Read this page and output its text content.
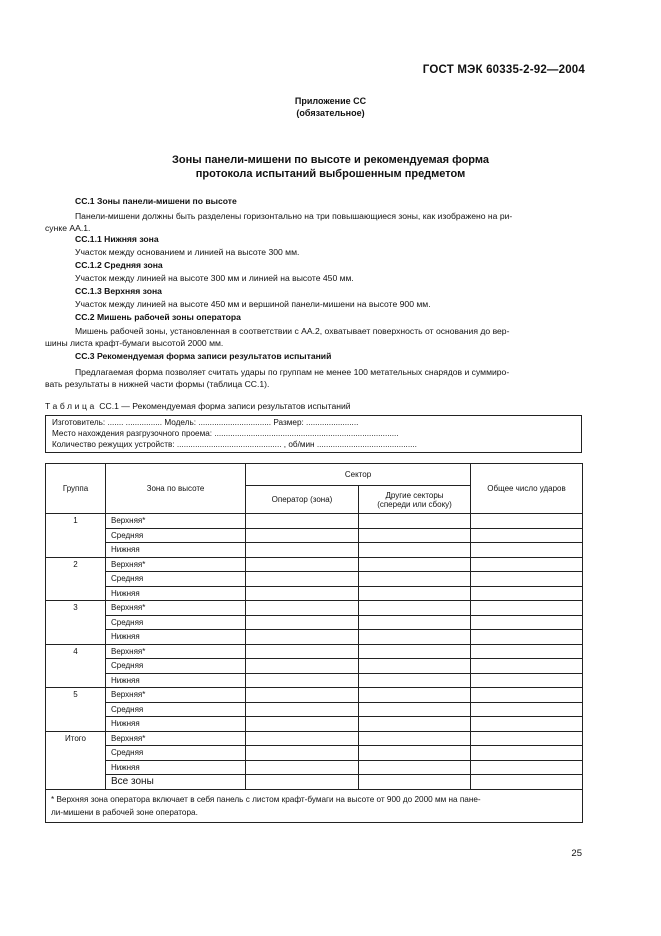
ГОСТ МЭК 60335-2-92—2004
Приложение СС
(обязательное)
Зоны панели-мишени по высоте и рекомендуемая форма
протокола испытаний выброшенным предметом
СС.1 Зоны панели-мишени по высоте
Панели-мишени должны быть разделены горизонтально на три повышающиеся зоны, как изображено на ри-
сунке АА.1.
СС.1.1 Нижняя зона
Участок между основанием и линией на высоте 300 мм.
СС.1.2 Средняя зона
Участок между линией на высоте 300 мм и линией на высоте 450 мм.
СС.1.3 Верхняя зона
Участок между линией на высоте 450 мм и вершиной панели-мишени на высоте 900 мм.
СС.2 Мишень рабочей зоны оператора
Мишень рабочей зоны, установленная в соответствии с АА.2, охватывает поверхность от основания до вер-
шины листа крафт-бумаги высотой 2000 мм.
СС.3 Рекомендуемая форма записи результатов испытаний
Предлагаемая форма позволяет считать удары по группам не менее 100 метательных снарядов и суммиро-
вать результаты в нижней части формы (таблица СС.1).
Таблица СС.1 — Рекомендуемая форма записи результатов испытаний
Изготовитель: ....... ................ Модель: ................................ Размер: .......................
Место нахождения разгрузочного проема: .................................................................................
Количество режущих устройств: .............................................. , об/мин ............................................
Группа	Зона по высоте	Сектор		Общее число ударов
		Оператор (зона)	Другие секторы
(спереди или сбоку)	

1	Верхняя*			
	Средняя			
	Нижняя			
2	Верхняя*			
	Средняя			
	Нижняя			
3	Верхняя*			
	Средняя			
	Нижняя			
4	Верхняя*			
	Средняя			
	Нижняя			
5	Верхняя*			
	Средняя			
	Нижняя			
Итого	Верхняя*			
	Средняя			
	Нижняя			
	Все зоны			

* Верхняя зона оператора включает в себя панель с листом крафт-бумаги на высоте от 900 до 2000 мм на пане-
ли-мишени в рабочей зоне оператора.				
25
